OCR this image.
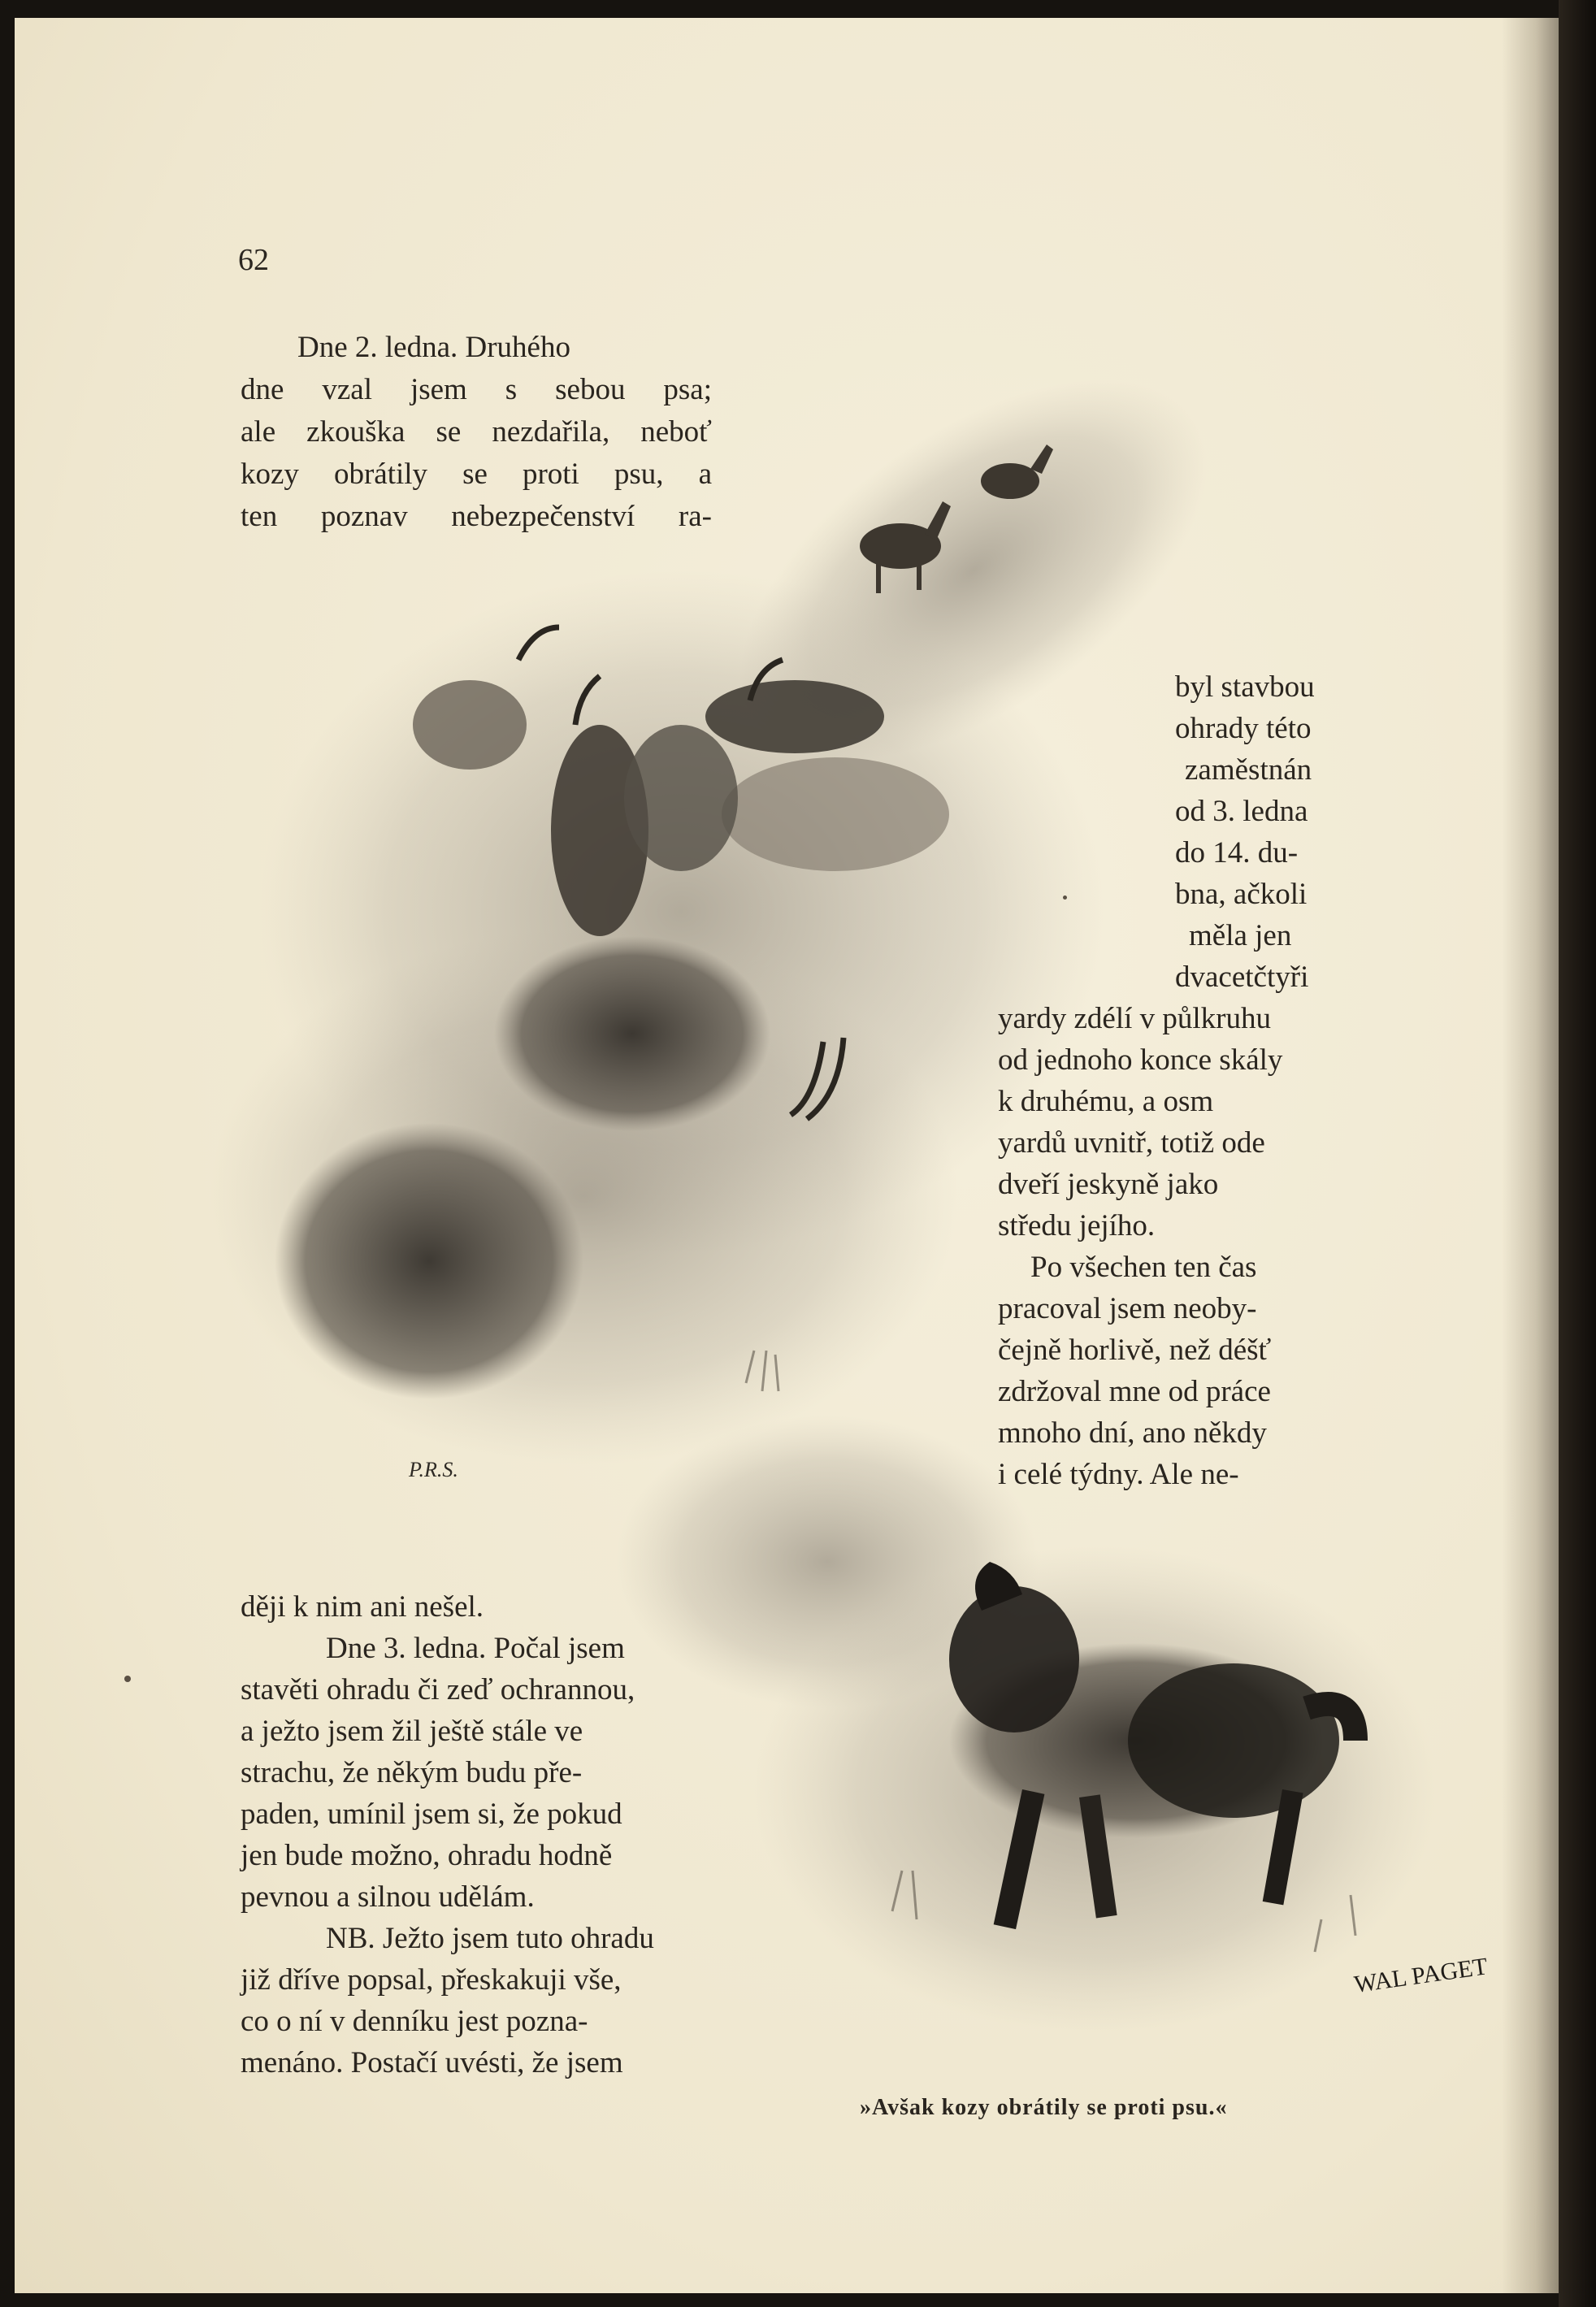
P.R.S.
WAL PAGET
62
Dne 2. ledna. Druhého
dne vzal jsem s sebou psa;
ale zkouška se nezdařila, neboť
kozy obrátily se proti psu, a
ten poznav nebezpečenství ra-
byl stavbou
ohrady této
zaměstnán
od 3. ledna
do 14. du-
bna, ačkoli
měla jen
dvacetčtyři
yardy zdélí v půlkruhu
od jednoho konce skály
k druhému, a osm
yardů uvnitř, totiž ode
dveří jeskyně jako
středu jejího.
Po všechen ten čas
pracoval jsem neoby-
čejně horlivě, než déšť
zdržoval mne od práce
mnoho dní, ano někdy
i celé týdny. Ale ne-
ději k nim ani nešel.
Dne 3. ledna. Počal jsem
stavěti ohradu či zeď ochrannou,
a ježto jsem žil ještě stále ve
strachu, že někým budu pře-
paden, umínil jsem si, že pokud
jen bude možno, ohradu hodně
pevnou a silnou udělám.
NB. Ježto jsem tuto ohradu
již dříve popsal, přeskakuji vše,
co o ní v denníku jest pozna-
menáno. Postačí uvésti, že jsem
»Avšak kozy obrátily se proti psu.«
